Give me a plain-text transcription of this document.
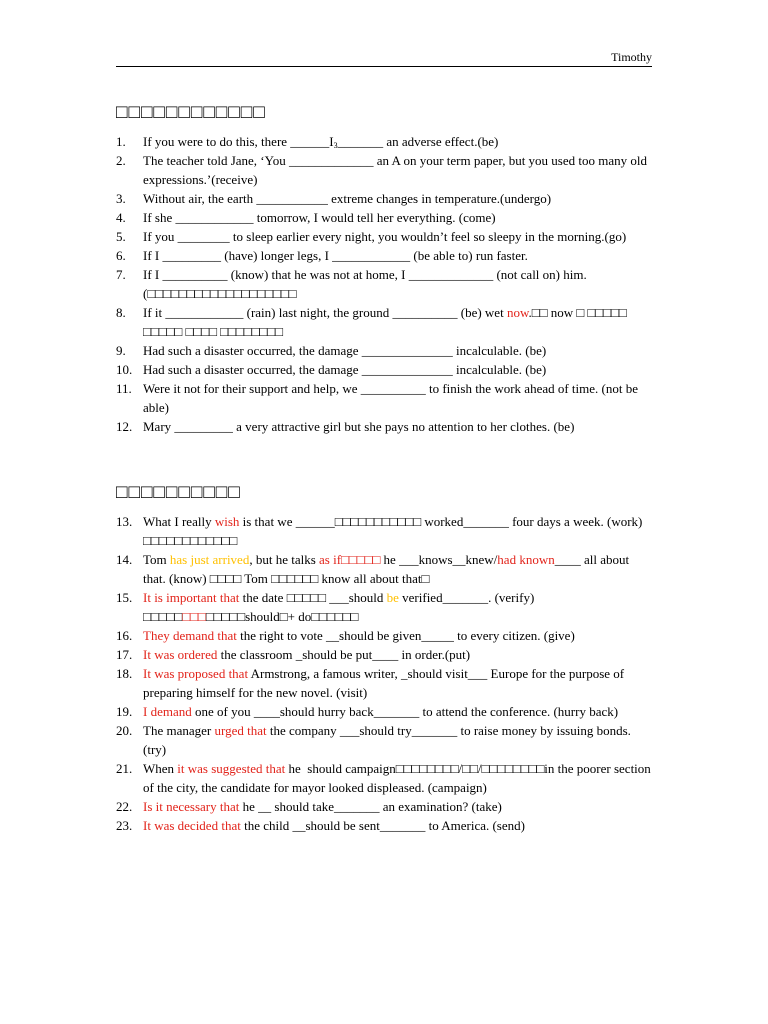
Timothy
□□□□□□□□□□□□
1. If you were to do this, there $\_\_\_\_\_\_I_3\_\_\_\_\_\_\_$ an adverse effect.(be)
2. The teacher told Jane, ‘You _____________ an A on your term paper, but you used too many old expressions.’(receive)
3. Without air, the earth ___________ extreme changes in temperature.(undergo)
4. If she ____________ tomorrow, I would tell her everything. (come)
5. If you ________ to sleep earlier every night, you wouldn’t feel so sleepy in the morning.(go)
6. If I _________ (have) longer legs, I ____________ (be able to) run faster.
7. If I __________ (know) that he was not at home, I _____________ (not call on) him.(□□□□□□□□□□□□□□□□□□□
8. If it ____________ (rain) last night, the ground __________ (be) wet now.□□ now □ □□□□□ □□□□□ □□□□ □□□□□□□□
9. Had such a disaster occurred, the damage ______________ incalculable. (be)
10. Had such a disaster occurred, the damage ______________ incalculable. (be)
11. Were it not for their support and help, we __________ to finish the work ahead of time. (not be able)
12. Mary _________ a very attractive girl but she pays no attention to her clothes. (be)
□□□□□□□□□□
13. What I really wish is that we ______□□□□□□□□□□□ worked_______ four days a week. (work) □□□□□□□□□□□□
14. Tom has just arrived, but he talks as if□□□□□ he ___knows__knew/had known____ all about that. (know) □□□□ Tom □□□□□□ know all about that□
15. It is important that the date □□□□□ ___should be verified_______. (verify) □□□□□□□□□□□□□should□+ do□□□□□□
16. They demand that the right to vote __should be given_____ to every citizen. (give)
17. It was ordered the classroom _should be put____ in order.(put)
18. It was proposed that Armstrong, a famous writer, _should visit___ Europe for the purpose of preparing himself for the new novel. (visit)
19. I demand one of you ____should hurry back_______ to attend the conference. (hurry back)
20. The manager urged that the company ___should try_______ to raise money by issuing bonds. (try)
21. When it was suggested that he  should campaign□□□□□□□□/□□/□□□□□□□□in the poorer section of the city, the candidate for mayor looked displeased. (campaign)
22. Is it necessary that he __ should take_______ an examination? (take)
23. It was decided that the child __should be sent_______ to America. (send)
